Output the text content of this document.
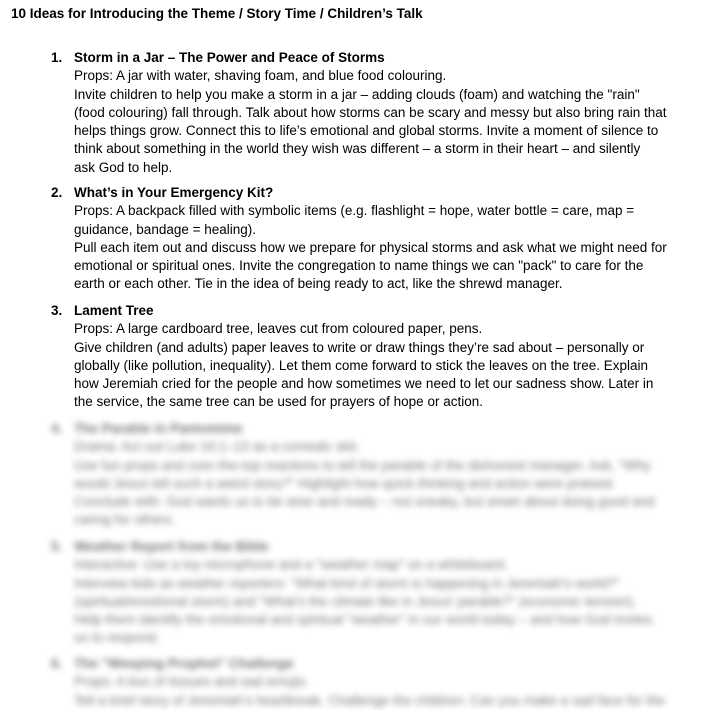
10 Ideas for Introducing the Theme / Story Time / Children’s Talk
1. Storm in a Jar – The Power and Peace of Storms
Props: A jar with water, shaving foam, and blue food colouring.
Invite children to help you make a storm in a jar – adding clouds (foam) and watching the "rain"
(food colouring) fall through. Talk about how storms can be scary and messy but also bring rain that
helps things grow. Connect this to life’s emotional and global storms. Invite a moment of silence to
think about something in the world they wish was different – a storm in their heart – and silently
ask God to help.
2. What’s in Your Emergency Kit?
Props: A backpack filled with symbolic items (e.g. flashlight = hope, water bottle = care, map =
guidance, bandage = healing).
Pull each item out and discuss how we prepare for physical storms and ask what we might need for
emotional or spiritual ones. Invite the congregation to name things we can "pack" to care for the
earth or each other. Tie in the idea of being ready to act, like the shrewd manager.
3. Lament Tree
Props: A large cardboard tree, leaves cut from coloured paper, pens.
Give children (and adults) paper leaves to write or draw things they’re sad about – personally or
globally (like pollution, inequality). Let them come forward to stick the leaves on the tree. Explain
how Jeremiah cried for the people and how sometimes we need to let our sadness show. Later in
the service, the same tree can be used for prayers of hope or action.
4. The Parable in Pantomime
Drama: Act out Luke 16:1–13 as a comedic skit.
Use fun props and over-the-top reactions to tell the parable of the dishonest manager. Ask, "Why
would Jesus tell such a weird story?" Highlight how quick thinking and action were praised.
Conclude with: God wants us to be wise and ready – not sneaky, but smart about doing good and
caring for others.
5. Weather Report from the Bible
Interactive: Use a toy microphone and a "weather map" on a whiteboard.
Interview kids as weather reporters: "What kind of storm is happening in Jeremiah’s world?"
(spiritual/emotional storm) and "What’s the climate like in Jesus’ parable?" (economic tension).
Help them identify the emotional and spiritual "weather" in our world today – and how God invites
us to respond.
6. The "Weeping Prophet" Challenge
Props: A box of tissues and sad emojis.
Tell a brief story of Jeremiah’s heartbreak. Challenge the children: Can you make a sad face for the
